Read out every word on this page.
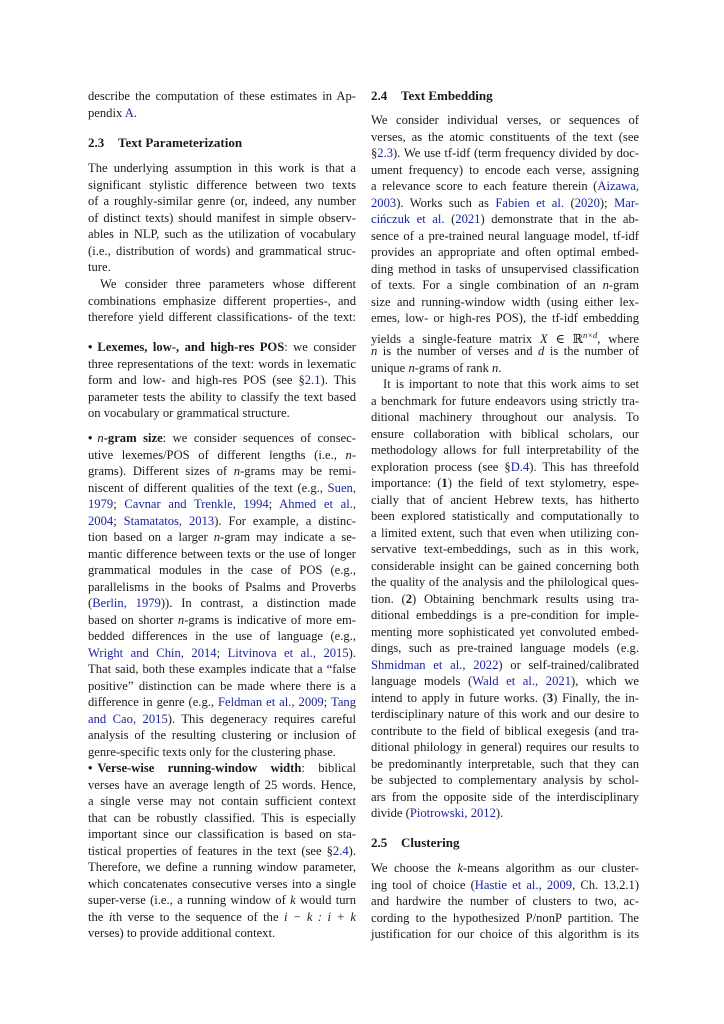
describe the computation of these estimates in Ap-
pendix A.
2.3 Text Parameterization
The underlying assumption in this work is that a
significant stylistic difference between two texts
of a roughly-similar genre (or, indeed, any number
of distinct texts) should manifest in simple observ-
ables in NLP, such as the utilization of vocabulary
(i.e., distribution of words) and grammatical struc-
ture.
We consider three parameters whose different
combinations emphasize different properties-, and
therefore yield different classifications- of the text:
• Lexemes, low-, and high-res POS: we consider
three representations of the text: words in lexematic
form and low- and high-res POS (see §2.1). This
parameter tests the ability to classify the text based
on vocabulary or grammatical structure.
• n-gram size: we consider sequences of consec-
utive lexemes/POS of different lengths (i.e., n-
grams). Different sizes of n-grams may be remi-
niscent of different qualities of the text (e.g., Suen,
1979; Cavnar and Trenkle, 1994; Ahmed et al.,
2004; Stamatatos, 2013). For example, a distinc-
tion based on a larger n-gram may indicate a se-
mantic difference between texts or the use of longer
grammatical modules in the case of POS (e.g.,
parallelisms in the books of Psalms and Proverbs
(Berlin, 1979)). In contrast, a distinction made
based on shorter n-grams is indicative of more em-
bedded differences in the use of language (e.g.,
Wright and Chin, 2014; Litvinova et al., 2015).
That said, both these examples indicate that a “false
positive” distinction can be made where there is a
difference in genre (e.g., Feldman et al., 2009; Tang
and Cao, 2015). This degeneracy requires careful
analysis of the resulting clustering or inclusion of
genre-specific texts only for the clustering phase.
• Verse-wise running-window width: biblical
verses have an average length of 25 words. Hence,
a single verse may not contain sufficient context
that can be robustly classified. This is especially
important since our classification is based on sta-
tistical properties of features in the text (see §2.4).
Therefore, we define a running window parameter,
which concatenates consecutive verses into a single
super-verse (i.e., a running window of k would turn
the ith verse to the sequence of the i − k : i + k
verses) to provide additional context.
2.4 Text Embedding
We consider individual verses, or sequences of
verses, as the atomic constituents of the text (see
§2.3). We use tf-idf (term frequency divided by doc-
ument frequency) to encode each verse, assigning
a relevance score to each feature therein (Aizawa,
2003). Works such as Fabien et al. (2020); Mar-
cińczuk et al. (2021) demonstrate that in the ab-
sence of a pre-trained neural language model, tf-idf
provides an appropriate and often optimal embed-
ding method in tasks of unsupervised classification
of texts. For a single combination of an n-gram
size and running-window width (using either lex-
emes, low- or high-res POS), the tf-idf embedding
yields a single-feature matrix X ∈ ℝ$^{n\times d}$, where
n is the number of verses and d is the number of
unique n-grams of rank n.
It is important to note that this work aims to set
a benchmark for future endeavors using strictly tra-
ditional machinery throughout our analysis. To
ensure collaboration with biblical scholars, our
methodology allows for full interpretability of the
exploration process (see §D.4). This has threefold
importance: (1) the field of text stylometry, espe-
cially that of ancient Hebrew texts, has hitherto
been explored statistically and computationally to
a limited extent, such that even when utilizing con-
servative text-embeddings, such as in this work,
considerable insight can be gained concerning both
the quality of the analysis and the philological ques-
tion. (2) Obtaining benchmark results using tra-
ditional embeddings is a pre-condition for imple-
menting more sophisticated yet convoluted embed-
dings, such as pre-trained language models (e.g.
Shmidman et al., 2022) or self-trained/calibrated
language models (Wald et al., 2021), which we
intend to apply in future works. (3) Finally, the in-
terdisciplinary nature of this work and our desire to
contribute to the field of biblical exegesis (and tra-
ditional philology in general) requires our results to
be predominantly interpretable, such that they can
be subjected to complementary analysis by schol-
ars from the opposite side of the interdisciplinary
divide (Piotrowski, 2012).
2.5 Clustering
We choose the k-means algorithm as our cluster-
ing tool of choice (Hastie et al., 2009, Ch. 13.2.1)
and hardwire the number of clusters to two, ac-
cording to the hypothesized P/nonP partition. The
justification for our choice of this algorithm is its
